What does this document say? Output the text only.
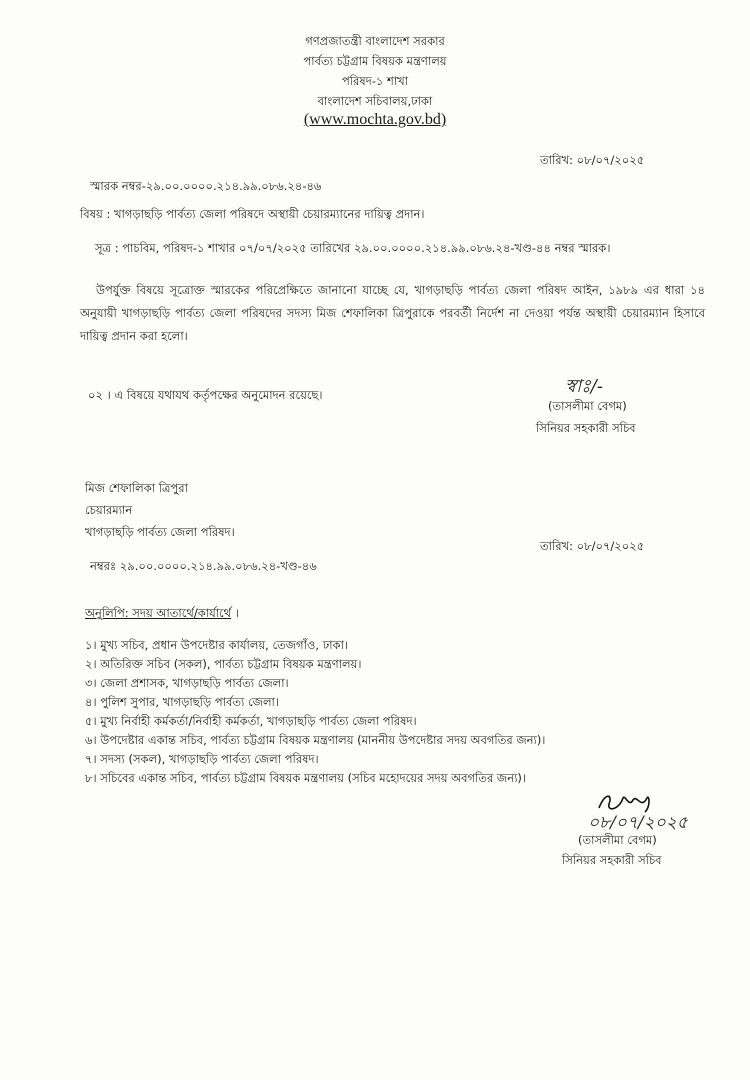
গণপ্রজাতন্ত্রী বাংলাদেশ সরকার
পার্বত্য চট্টগ্রাম বিষয়ক মন্ত্রণালয়
পরিষদ-১ শাখা
বাংলাদেশ সচিবালয়,ঢাকা
(www.mochta.gov.bd)
তারিখ: ০৮/০৭/২০২৫
স্মারক নম্বর-২৯.০০.০০০০.২১৪.৯৯.০৮৬.২৪-৪৬
বিষয় : খাগড়াছড়ি পার্বত্য জেলা পরিষদে অস্থায়ী চেয়ারম্যানের দায়িত্ব প্রদান।
সূত্র : পাচবিম, পরিষদ-১ শাখার ০৭/০৭/২০২৫ তারিখের ২৯.০০.০০০০.২১৪.৯৯.০৮৬.২৪-খণ্ড-৪৪ নম্বর স্মারক।
উপর্যুক্ত বিষয়ে সূত্রোক্ত স্মারকের পরিপ্রেক্ষিতে জানানো যাচ্ছে যে, খাগড়াছড়ি পার্বত্য জেলা পরিষদ আইন, ১৯৮৯ এর ধারা ১৪ অনুযায়ী খাগড়াছড়ি পার্বত্য জেলা পরিষদের সদস্য মিজ শেফালিকা ত্রিপুরাকে পরবর্তী নির্দেশ না দেওয়া পর্যন্ত অস্থায়ী চেয়ারম্যান হিসাবে দায়িত্ব প্রদান করা হলো।
০২ । এ বিষয়ে যথাযথ কর্তৃপক্ষের অনুমোদন রয়েছে।	স্বাঃ/-
(তাসলীমা বেগম)
সিনিয়র সহকারী সচিব
মিজ শেফালিকা ত্রিপুরা
চেয়ারম্যান
খাগড়াছড়ি পার্বত্য জেলা পরিষদ।
তারিখ: ০৮/০৭/২০২৫
নম্বরঃ ২৯.০০.০০০০.২১৪.৯৯.০৮৬.২৪-খণ্ড-৪৬
অনুলিপি: সদয় আতার্থে/কার্যার্থে ।
১। মুখ্য সচিব, প্রধান উপদেষ্টার কার্যালয়, তেজগাঁও, ঢাকা।
২। অতিরিক্ত সচিব (সকল), পার্বত্য চট্টগ্রাম বিষয়ক মন্ত্রণালয়।
৩। জেলা প্রশাসক, খাগড়াছড়ি পার্বত্য জেলা।
৪। পুলিশ সুপার, খাগড়াছড়ি পার্বত্য জেলা।
৫। মুখ্য নির্বাহী কর্মকর্তা/নির্বাহী কর্মকর্তা, খাগড়াছড়ি পার্বত্য জেলা পরিষদ।
৬। উপদেষ্টার একান্ত সচিব, পার্বত্য চট্টগ্রাম বিষয়ক মন্ত্রণালয় (মাননীয় উপদেষ্টার সদয় অবগতির জন্য)।
৭। সদস্য (সকল), খাগড়াছড়ি পার্বত্য জেলা পরিষদ।
৮। সচিবের একান্ত সচিব, পার্বত্য চট্টগ্রাম বিষয়ক মন্ত্রণালয় (সচিব মহোদয়ের সদয় অবগতির জন্য)।
০৮/০৭/২০২৫
(তাসলীমা বেগম)
সিনিয়র সহকারী সচিব
